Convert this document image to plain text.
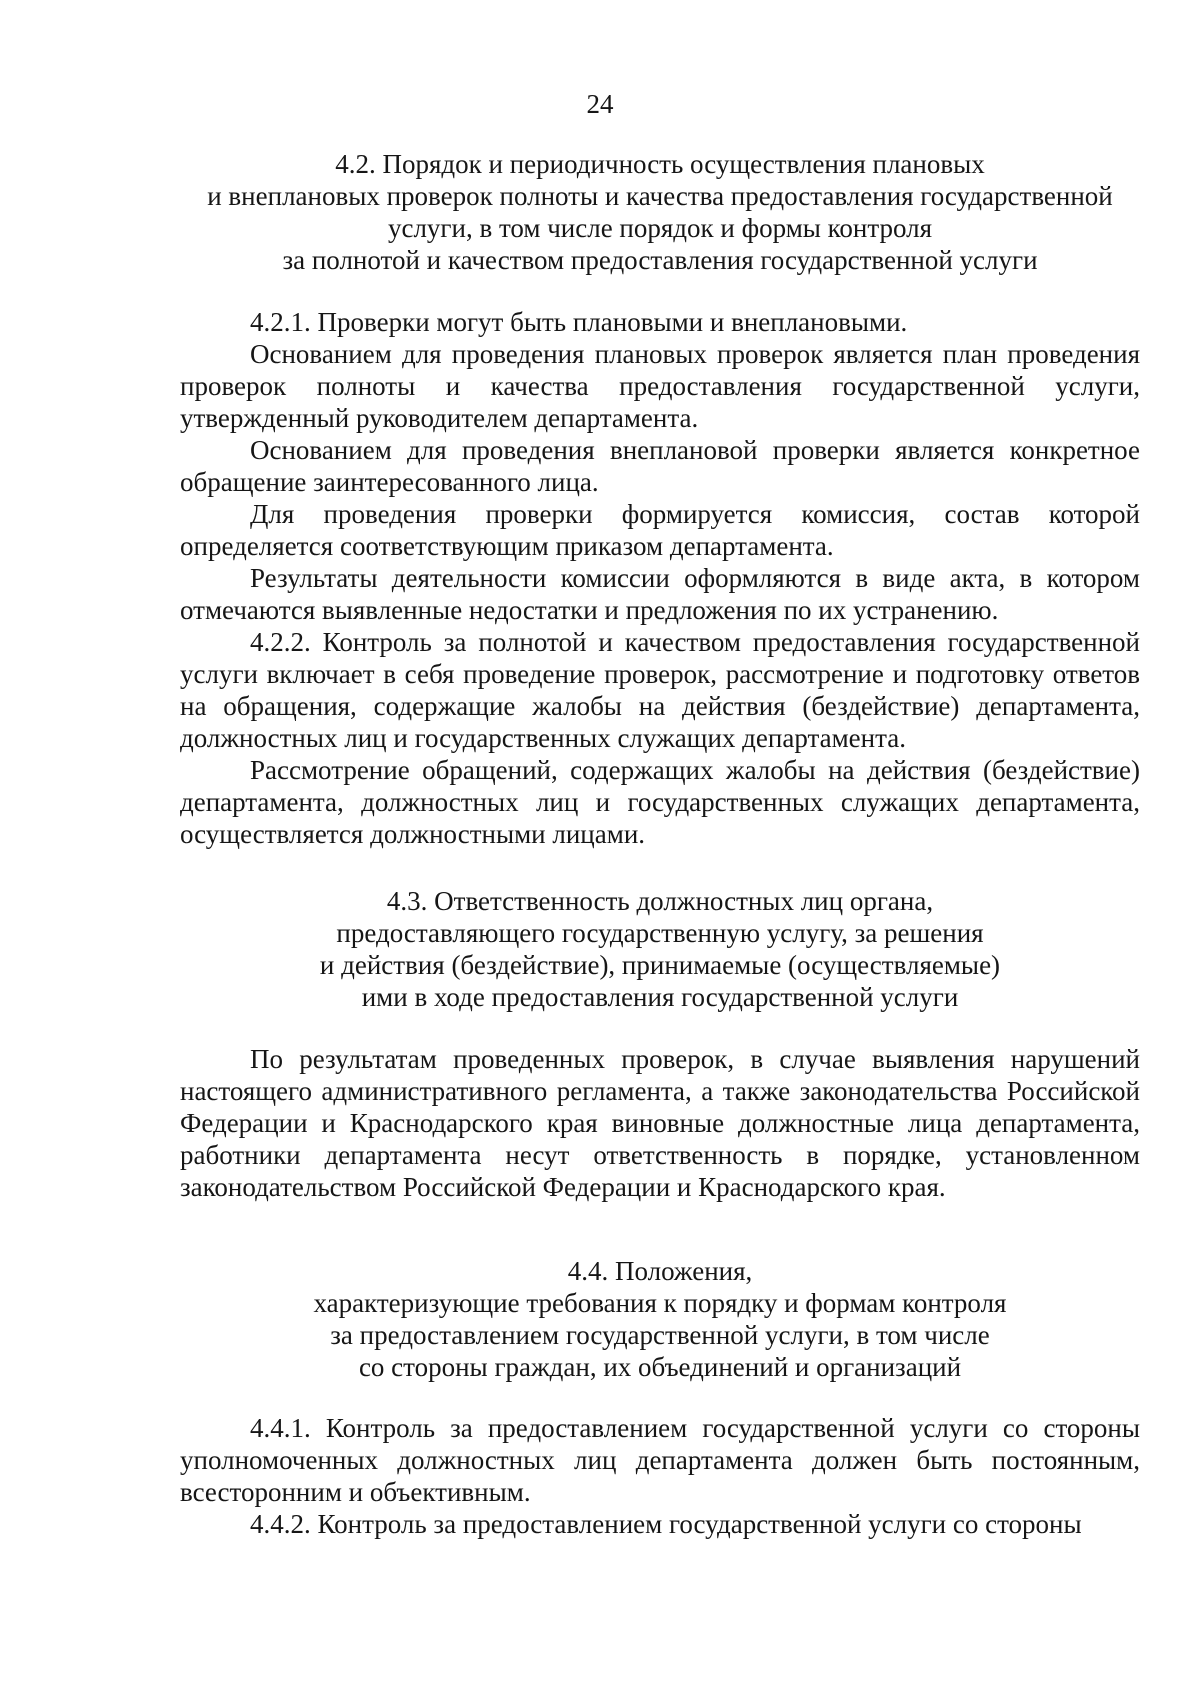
24
4.2. Порядок и периодичность осуществления плановых
и внеплановых проверок полноты и качества предоставления государственной
услуги, в том числе порядок и формы контроля
за полнотой и качеством предоставления государственной услуги
4.2.1. Проверки могут быть плановыми и внеплановыми.
Основанием для проведения плановых проверок является план проведения проверок полноты и качества предоставления государственной услуги, утвержденный руководителем департамента.
Основанием для проведения внеплановой проверки является конкретное обращение заинтересованного лица.
Для проведения проверки формируется комиссия, состав которой определяется соответствующим приказом департамента.
Результаты деятельности комиссии оформляются в виде акта, в котором отмечаются выявленные недостатки и предложения по их устранению.
4.2.2. Контроль за полнотой и качеством предоставления государственной услуги включает в себя проведение проверок, рассмотрение и подготовку ответов на обращения, содержащие жалобы на действия (бездействие) департамента, должностных лиц и государственных служащих департамента.
Рассмотрение обращений, содержащих жалобы на действия (бездействие) департамента, должностных лиц и государственных служащих департамента, осуществляется должностными лицами.
4.3. Ответственность должностных лиц органа,
предоставляющего государственную услугу, за решения
и действия (бездействие), принимаемые (осуществляемые)
ими в ходе предоставления государственной услуги
По результатам проведенных проверок, в случае выявления нарушений настоящего административного регламента, а также законодательства Российской Федерации и Краснодарского края виновные должностные лица департамента, работники департамента несут ответственность в порядке, установленном законодательством Российской Федерации и Краснодарского края.
4.4. Положения,
характеризующие требования к порядку и формам контроля
за предоставлением государственной услуги, в том числе
со стороны граждан, их объединений и организаций
4.4.1. Контроль за предоставлением государственной услуги со стороны уполномоченных должностных лиц департамента должен быть постоянным, всесторонним и объективным.
4.4.2. Контроль за предоставлением государственной услуги со стороны
